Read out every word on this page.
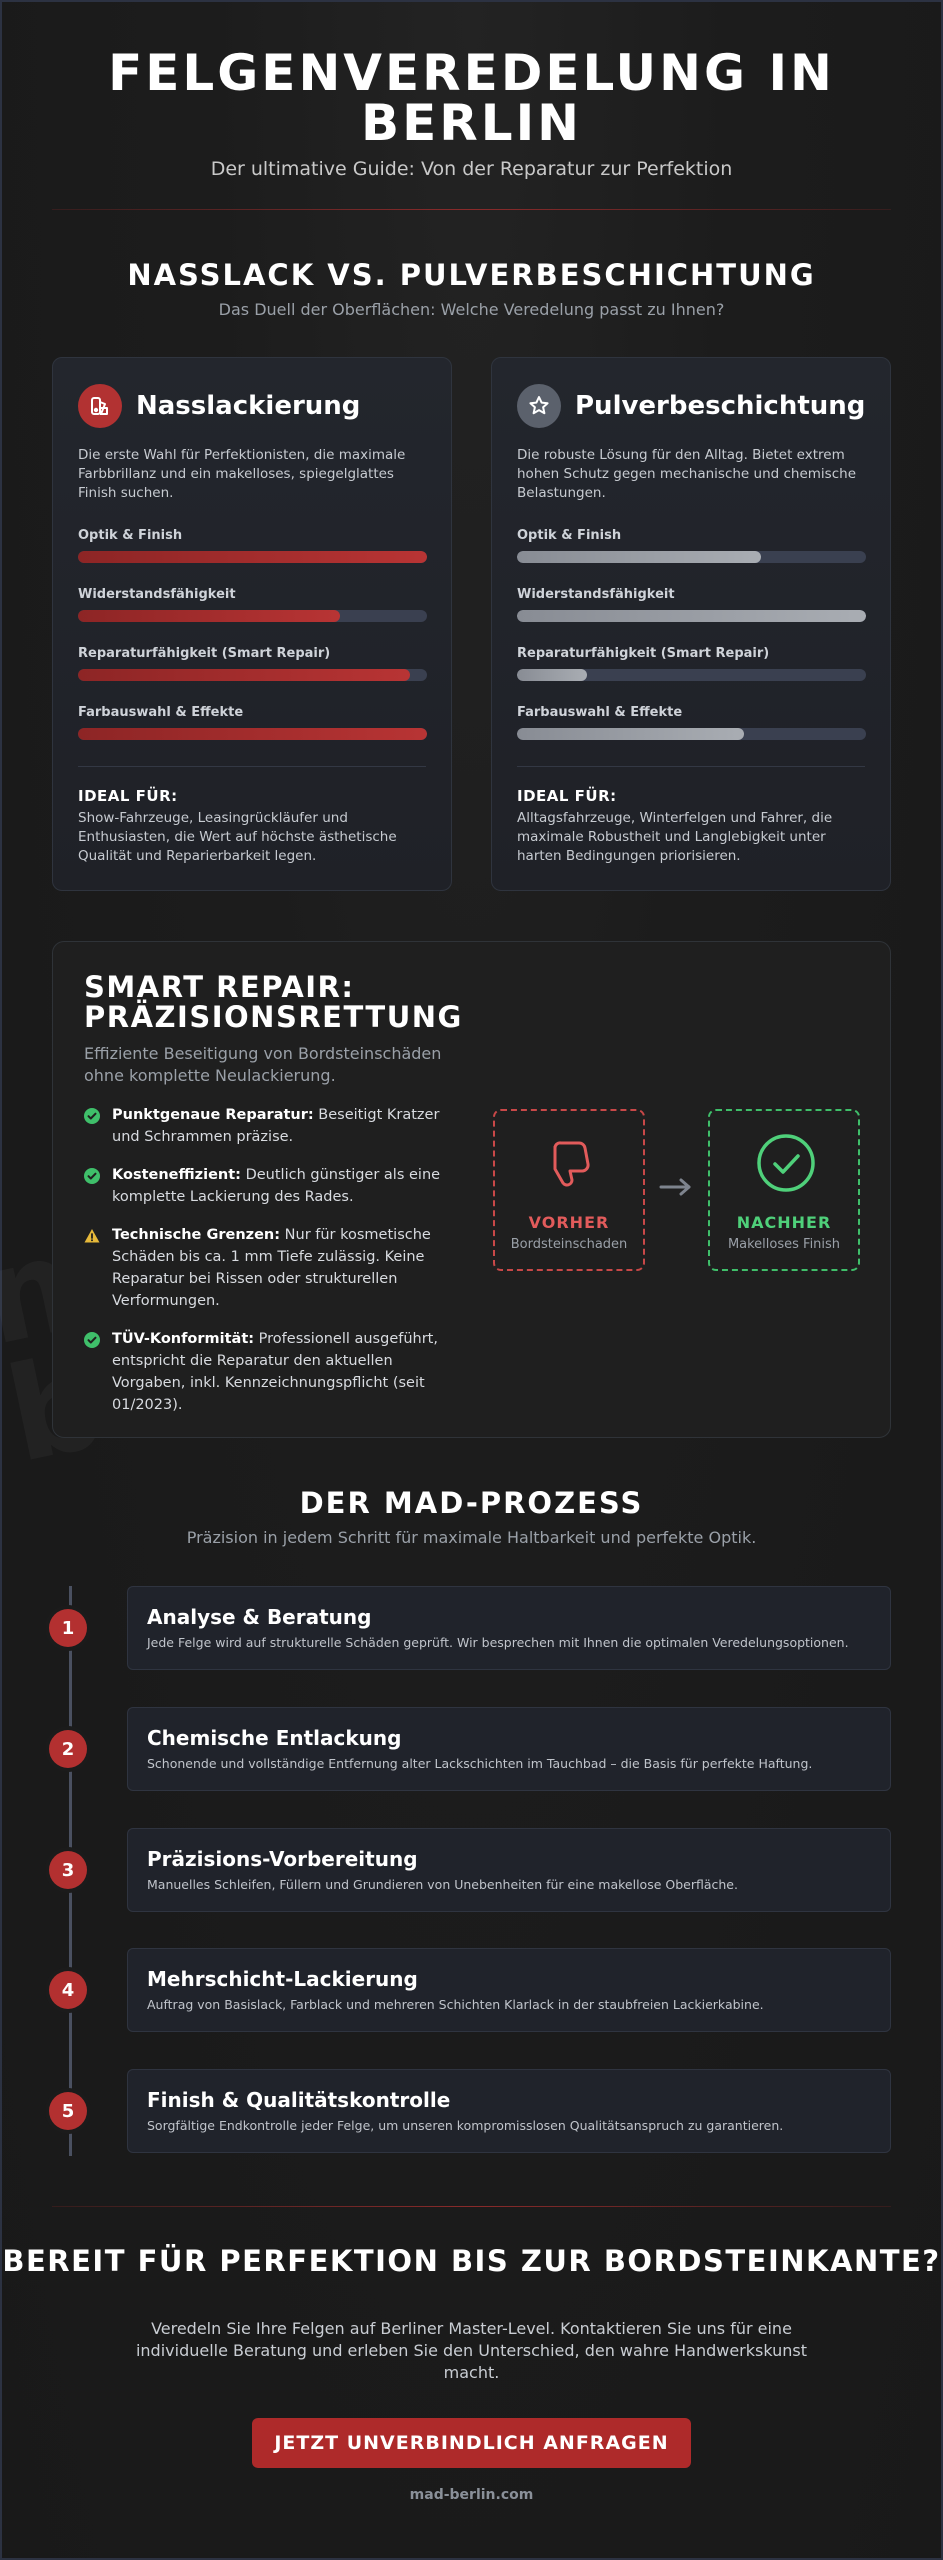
FELGENVEREDELUNG IN BERLIN

Der ultimative Guide: Von der Reparatur zur Perfektion

NASSLACK VS. PULVERBESCHICHTUNG

Das Duell der Oberflächen: Welche Veredelung passt zu Ihnen?

Nasslackierung

Die erste Wahl für Perfektionisten, die maximale Farbbrillanz und ein makelloses, spiegelglattes Finish suchen.

Optik & Finish
Widerstandsfähigkeit
Reparaturfähigkeit (Smart Repair)
Farbauswahl & Effekte
IDEAL FÜR:

Show-Fahrzeuge, Leasingrückläufer und Enthusiasten, die Wert auf höchste ästhetische Qualität und Reparierbarkeit legen.

Pulverbeschichtung

Die robuste Lösung für den Alltag. Bietet extrem hohen Schutz gegen mechanische und chemische Belastungen.

Optik & Finish
Widerstandsfähigkeit
Reparaturfähigkeit (Smart Repair)
Farbauswahl & Effekte
IDEAL FÜR:

Alltagsfahrzeuge, Winterfelgen und Fahrer, die maximale Robustheit und Langlebigkeit unter harten Bedingungen priorisieren.

SMART REPAIR: PRÄZISIONSRETTUNG

Effiziente Beseitigung von Bordsteinschäden ohne komplette Neulackierung.

Punktgenaue Reparatur: Beseitigt Kratzer und Schrammen präzise.
Kosteneffizient: Deutlich günstiger als eine komplette Lackierung des Rades.
Technische Grenzen: Nur für kosmetische Schäden bis ca. 1 mm Tiefe zulässig. Keine Reparatur bei Rissen oder strukturellen Verformungen.
TÜV-Konformität: Professionell ausgeführt, entspricht die Reparatur den aktuellen Vorgaben, inkl. Kennzeichnungspflicht (seit 01/2023).
VORHER
Bordsteinschaden
NACHHER
Makelloses Finish
DER MAD-PROZESS

Präzision in jedem Schritt für maximale Haltbarkeit und perfekte Optik.

1	Analyse & Beratung
Jede Felge wird auf strukturelle Schäden geprüft. Wir besprechen mit Ihnen die optimalen Veredelungsoptionen.
2	Chemische Entlackung
Schonende und vollständige Entfernung alter Lackschichten im Tauchbad – die Basis für perfekte Haftung.
3	Präzisions-Vorbereitung
Manuelles Schleifen, Füllern und Grundieren von Unebenheiten für eine makellose Oberfläche.
4	Mehrschicht-Lackierung
Auftrag von Basislack, Farblack und mehreren Schichten Klarlack in der staubfreien Lackierkabine.
5	Finish & Qualitätskontrolle
Sorgfältige Endkontrolle jeder Felge, um unseren kompromisslosen Qualitätsanspruch zu garantieren.
BEREIT FÜR PERFEKTION BIS ZUR BORDSTEINKANTE?

Veredeln Sie Ihre Felgen auf Berliner Master-Level. Kontaktieren Sie uns für eine individuelle Beratung und erleben Sie den Unterschied, den wahre Handwerkskunst macht.

JETZT UNVERBINDLICH ANFRAGEN
mad-berlin.com
